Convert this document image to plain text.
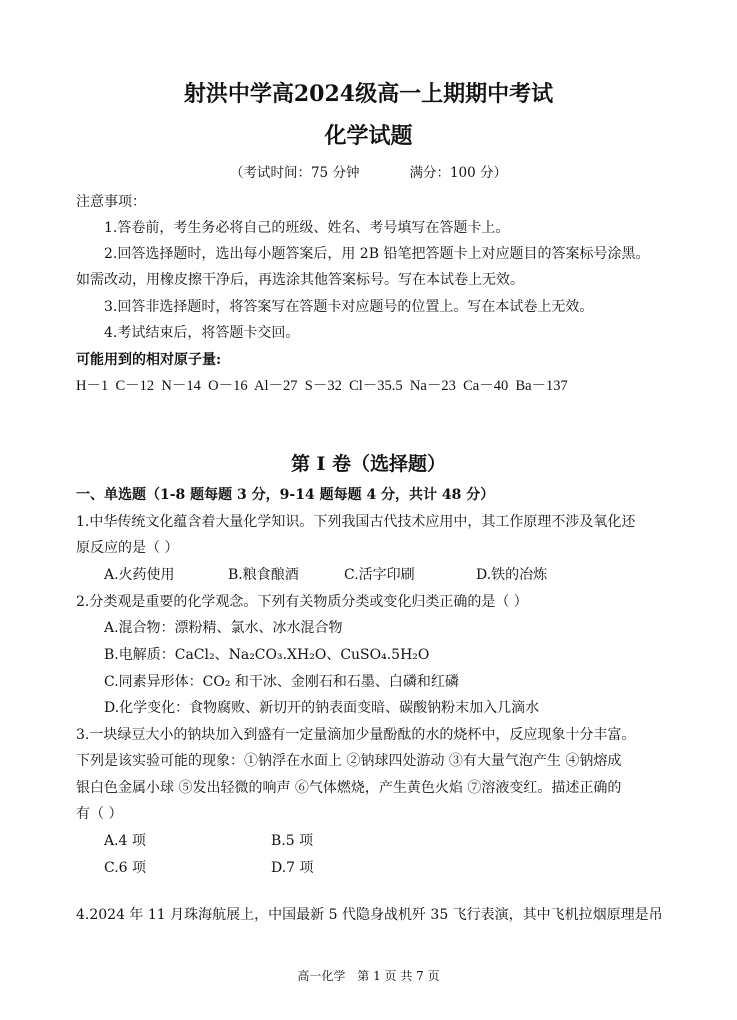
射洪中学高2024级高一上期期中考试
化学试题
（考试时间：75 分钟	满分：100 分）
注意事项：
1.答卷前，考生务必将自己的班级、姓名、考号填写在答题卡上。
2.回答选择题时，选出每小题答案后，用 2B 铅笔把答题卡上对应题目的答案标号涂黑。
如需改动，用橡皮擦干净后，再选涂其他答案标号。写在本试卷上无效。
3.回答非选择题时，将答案写在答题卡对应题号的位置上。写在本试卷上无效。
4.考试结束后，将答题卡交回。
可能用到的相对原子量:
H－1  C－12  N－14  O－16  Al－27  S－32  Cl－35.5  Na－23  Ca－40  Ba－137
第 I 卷（选择题）
一、单选题（1-8 题每题 3 分，9-14 题每题 4 分，共计 48 分）
1.中华传统文化蕴含着大量化学知识。下列我国古代技术应用中，其工作原理不涉及氧化还
原反应的是（ ）
A.火药使用	B.粮食酿酒	C.活字印刷	D.铁的冶炼
2.分类观是重要的化学观念。下列有关物质分类或变化归类正确的是（ ）
A.混合物：漂粉精、氯水、冰水混合物
B.电解质：CaCl₂、Na₂CO₃.XH₂O、CuSO₄.5H₂O
C.同素异形体：CO₂ 和干冰、金刚石和石墨、白磷和红磷
D.化学变化：食物腐败、新切开的钠表面变暗、碳酸钠粉末加入几滴水
3.一块绿豆大小的钠块加入到盛有一定量滴加少量酚酞的水的烧杯中，反应现象十分丰富。
下列是该实验可能的现象：①钠浮在水面上 ②钠球四处游动 ③有大量气泡产生 ④钠熔成
银白色金属小球 ⑤发出轻微的响声 ⑥气体燃烧，产生黄色火焰 ⑦溶液变红。描述正确的
有（ ）
A.4 项	B.5 项
C.6 项	D.7 项
4.2024 年 11 月珠海航展上，中国最新 5 代隐身战机歼 35 飞行表演，其中飞机拉烟原理是吊
高一化学 第 1 页 共 7 页
